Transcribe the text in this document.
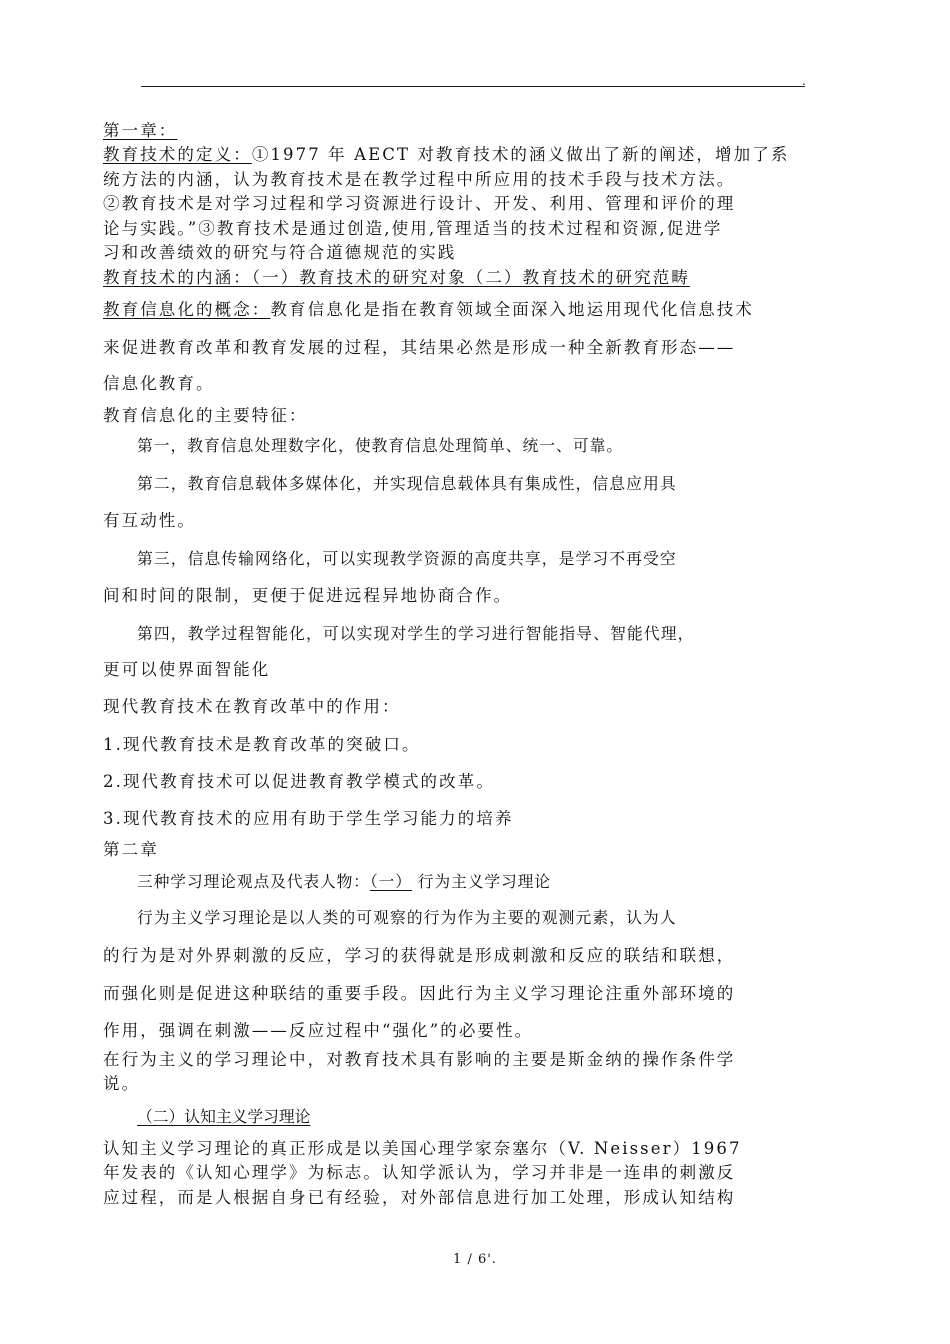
.
第一章：
教育技术的定义：①1977 年 AECT 对教育技术的涵义做出了新的阐述，增加了系
统方法的内涵，认为教育技术是在教学过程中所应用的技术手段与技术方法。
②教育技术是对学习过程和学习资源进行设计、开发、利用、管理和评价的理
论与实践。”③教育技术是通过创造,使用,管理适当的技术过程和资源,促进学
习和改善绩效的研究与符合道德规范的实践
教育技术的内涵：（一）教育技术的研究对象（二）教育技术的研究范畴
教育信息化的概念：教育信息化是指在教育领域全面深入地运用现代化信息技术
来促进教育改革和教育发展的过程，其结果必然是形成一种全新教育形态——
信息化教育。
教育信息化的主要特征：
第一，教育信息处理数字化，使教育信息处理简单、统一、可靠。
第二，教育信息载体多媒体化，并实现信息载体具有集成性，信息应用具
有互动性。
第三，信息传输网络化，可以实现教学资源的高度共享，是学习不再受空
间和时间的限制，更便于促进远程异地协商合作。
第四，教学过程智能化，可以实现对学生的学习进行智能指导、智能代理，
更可以使界面智能化
现代教育技术在教育改革中的作用：
1.现代教育技术是教育改革的突破口。
2.现代教育技术可以促进教育教学模式的改革。
3.现代教育技术的应用有助于学生学习能力的培养
第二章
三种学习理论观点及代表人物：（一） 行为主义学习理论
行为主义学习理论是以人类的可观察的行为作为主要的观测元素，认为人
的行为是对外界刺激的反应，学习的获得就是形成刺激和反应的联结和联想，
而强化则是促进这种联结的重要手段。因此行为主义学习理论注重外部环境的
作用，强调在刺激——反应过程中“强化”的必要性。
在行为主义的学习理论中，对教育技术具有影响的主要是斯金纳的操作条件学
说。
（二）认知主义学习理论
认知主义学习理论的真正形成是以美国心理学家奈塞尔（V. Neisser）1967
年发表的《认知心理学》为标志。认知学派认为，学习并非是一连串的刺激反
应过程，而是人根据自身已有经验，对外部信息进行加工处理，形成认知结构
1 / 6'.
